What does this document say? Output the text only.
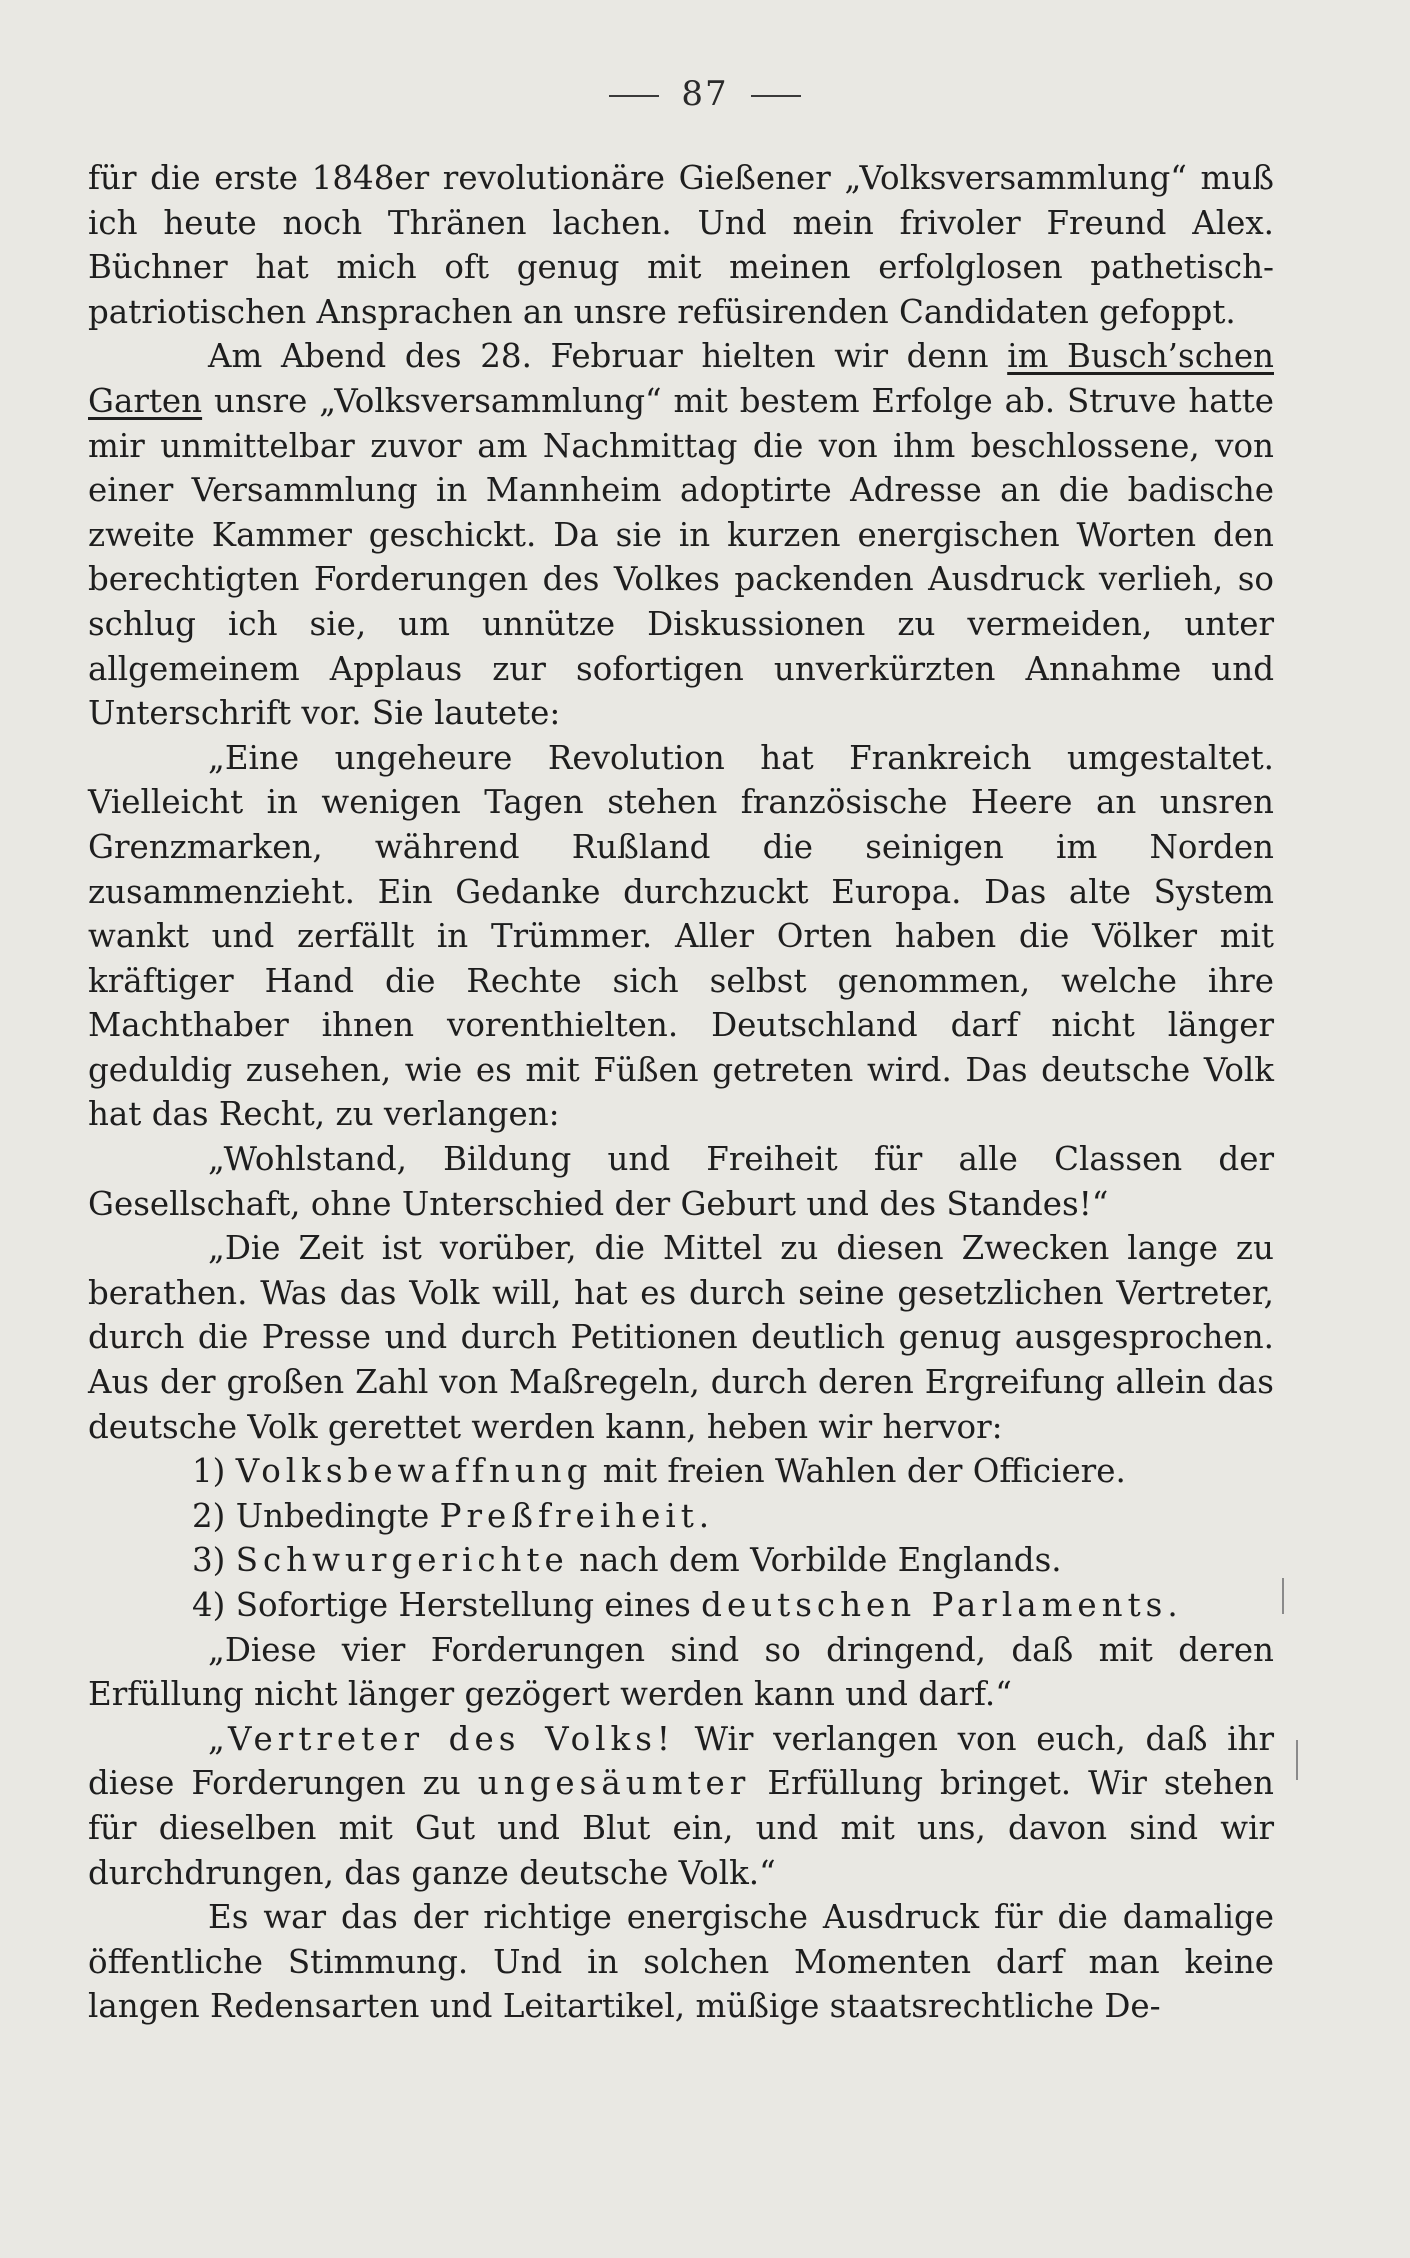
87

für die erste 1848er revolutionäre Gießener „Volksversammlung“ muß ich heute noch Thränen lachen. Und mein frivoler Freund Alex. Büchner hat mich oft genug mit meinen erfolglosen pathetisch-patriotischen Ansprachen an unsre refüsirenden Candidaten gefoppt.

Am Abend des 28. Februar hielten wir denn im Busch’schen Garten unsre „Volksversammlung“ mit bestem Erfolge ab. Struve hatte mir unmittelbar zuvor am Nachmittag die von ihm beschlossene, von einer Versammlung in Mannheim adoptirte Adresse an die badische zweite Kammer geschickt. Da sie in kurzen energischen Worten den berechtigten Forderungen des Volkes packenden Ausdruck verlieh, so schlug ich sie, um unnütze Diskussionen zu vermeiden, unter allgemeinem Applaus zur sofortigen unverkürzten Annahme und Unterschrift vor. Sie lautete:

„Eine ungeheure Revolution hat Frankreich umgestaltet. Vielleicht in wenigen Tagen stehen französische Heere an unsren Grenzmarken, während Rußland die seinigen im Norden zusammenzieht. Ein Gedanke durchzuckt Europa. Das alte System wankt und zerfällt in Trümmer. Aller Orten haben die Völker mit kräftiger Hand die Rechte sich selbst genommen, welche ihre Machthaber ihnen vorenthielten. Deutschland darf nicht länger geduldig zusehen, wie es mit Füßen getreten wird. Das deutsche Volk hat das Recht, zu verlangen:

„Wohlstand, Bildung und Freiheit für alle Classen der Gesellschaft, ohne Unterschied der Geburt und des Standes!“

„Die Zeit ist vorüber, die Mittel zu diesen Zwecken lange zu berathen. Was das Volk will, hat es durch seine gesetzlichen Vertreter, durch die Presse und durch Petitionen deutlich genug ausgesprochen. Aus der großen Zahl von Maßregeln, durch deren Ergreifung allein das deutsche Volk gerettet werden kann, heben wir hervor:

1) Volksbewaffnung mit freien Wahlen der Officiere.

2) Unbedingte Preßfreiheit.

3) Schwurgerichte nach dem Vorbilde Englands.

4) Sofortige Herstellung eines deutschen Parlaments.

„Diese vier Forderungen sind so dringend, daß mit deren Erfüllung nicht länger gezögert werden kann und darf.“

„Vertreter des Volks! Wir verlangen von euch, daß ihr diese Forderungen zu ungesäumter Erfüllung bringet. Wir stehen für dieselben mit Gut und Blut ein, und mit uns, davon sind wir durchdrungen, das ganze deutsche Volk.“

Es war das der richtige energische Ausdruck für die damalige öffentliche Stimmung. Und in solchen Momenten darf man keine langen Redensarten und Leitartikel, müßige staatsrechtliche De-
